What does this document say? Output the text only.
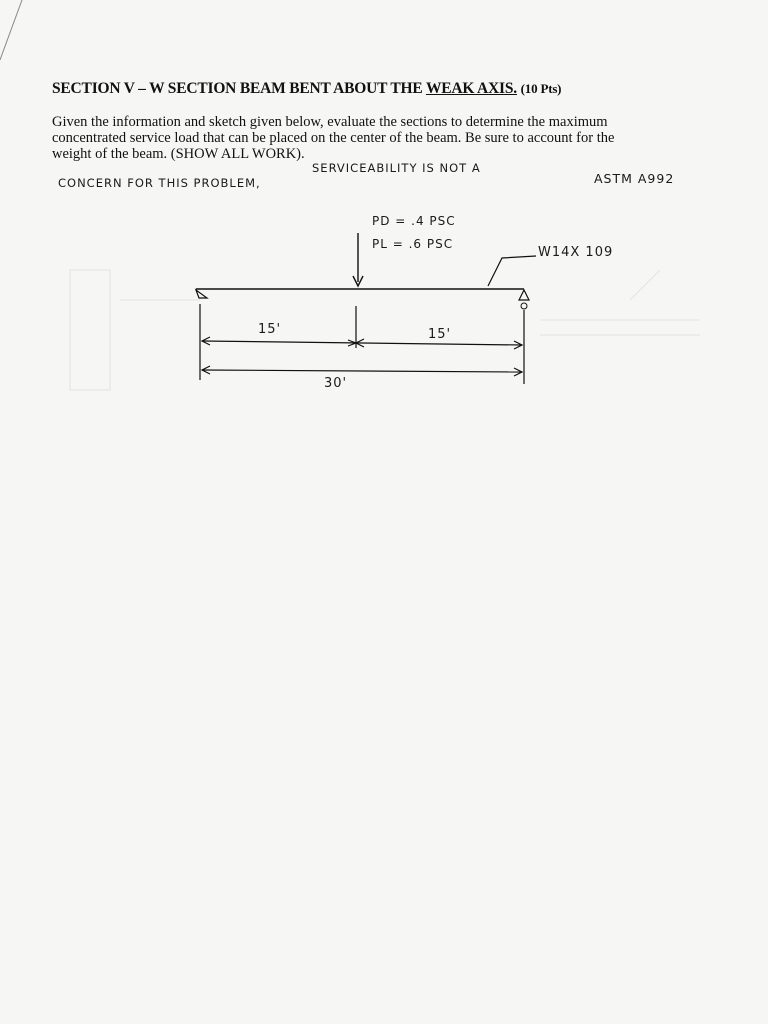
SECTION V – W SECTION BEAM BENT ABOUT THE WEAK AXIS. (10 Pts)
Given the information and sketch given below, evaluate the sections to determine the maximum
concentrated service load that can be placed on the center of the beam. Be sure to account for the
weight of the beam. (SHOW ALL WORK).
SERVICEABILITY IS NOT A
CONCERN FOR THIS PROBLEM,	ASTM A992
PD = .4 PSC
PL = .6 PSC
W14X 109
15'	15'
30'
